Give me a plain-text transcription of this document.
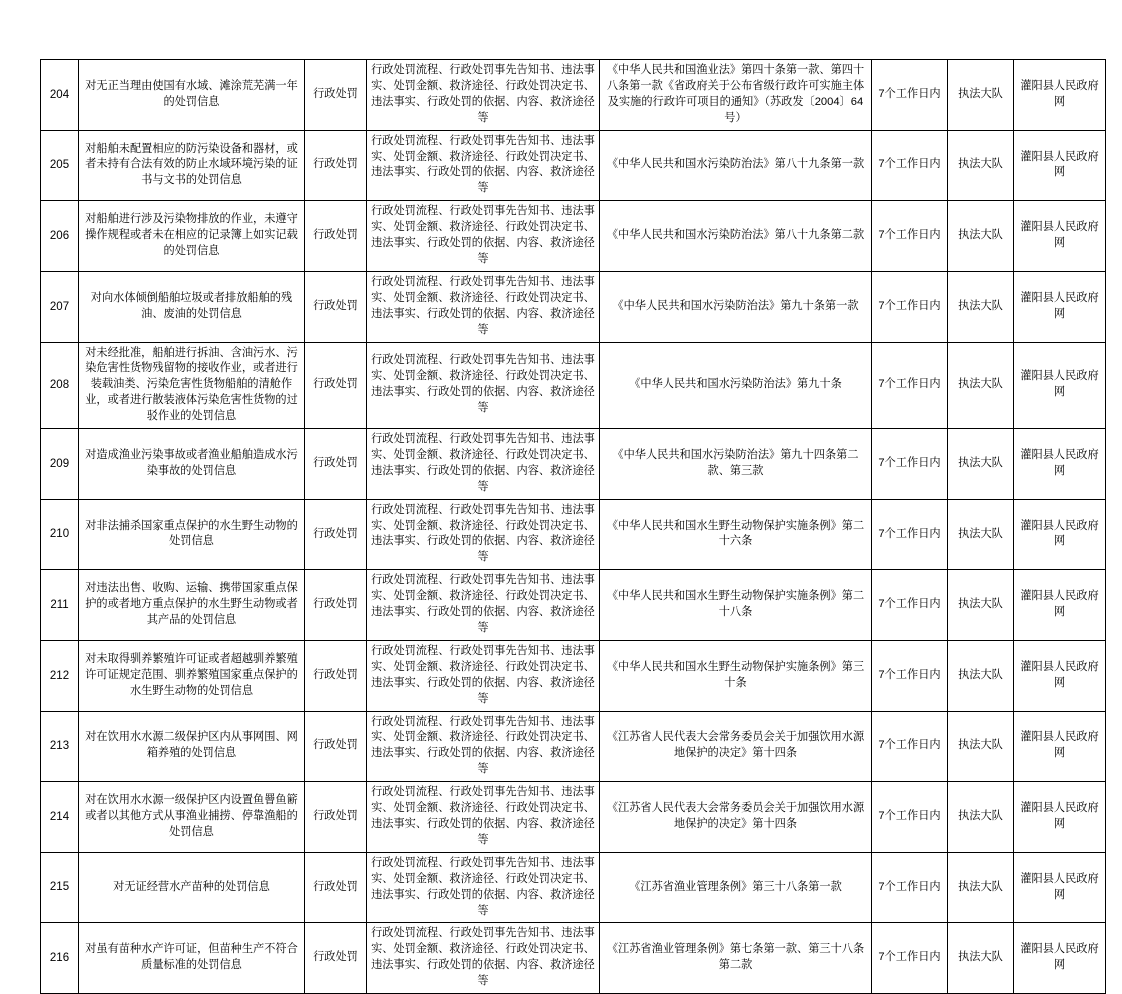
204	对无正当理由使国有水域、滩涂荒芜满一年的处罚信息	行政处罚	行政处罚流程、行政处罚事先告知书、违法事实、处罚金额、救济途径、行政处罚决定书、违法事实、行政处罚的依据、内容、救济途径等	《中华人民共和国渔业法》第四十条第一款、第四十八条第一款《省政府关于公布省级行政许可实施主体及实施的行政许可项目的通知》（苏政发〔2004〕64号）	7个工作日内	执法大队	灌阳县人民政府网
205	对船舶未配置相应的防污染设备和器材，或者未持有合法有效的防止水域环境污染的证书与文书的处罚信息	行政处罚	行政处罚流程、行政处罚事先告知书、违法事实、处罚金额、救济途径、行政处罚决定书、违法事实、行政处罚的依据、内容、救济途径等	《中华人民共和国水污染防治法》第八十九条第一款	7个工作日内	执法大队	灌阳县人民政府网
206	对船舶进行涉及污染物排放的作业，未遵守操作规程或者未在相应的记录簿上如实记载的处罚信息	行政处罚	行政处罚流程、行政处罚事先告知书、违法事实、处罚金额、救济途径、行政处罚决定书、违法事实、行政处罚的依据、内容、救济途径等	《中华人民共和国水污染防治法》第八十九条第二款	7个工作日内	执法大队	灌阳县人民政府网
207	对向水体倾倒船舶垃圾或者排放船舶的残油、废油的处罚信息	行政处罚	行政处罚流程、行政处罚事先告知书、违法事实、处罚金额、救济途径、行政处罚决定书、违法事实、行政处罚的依据、内容、救济途径等	《中华人民共和国水污染防治法》第九十条第一款	7个工作日内	执法大队	灌阳县人民政府网
208	对未经批准，船舶进行拆油、含油污水、污染危害性货物残留物的接收作业，或者进行装载油类、污染危害性货物船舶的清舱作业，或者进行散装液体污染危害性货物的过驳作业的处罚信息	行政处罚	行政处罚流程、行政处罚事先告知书、违法事实、处罚金额、救济途径、行政处罚决定书、违法事实、行政处罚的依据、内容、救济途径等	《中华人民共和国水污染防治法》第九十条	7个工作日内	执法大队	灌阳县人民政府网
209	对造成渔业污染事故或者渔业船舶造成水污染事故的处罚信息	行政处罚	行政处罚流程、行政处罚事先告知书、违法事实、处罚金额、救济途径、行政处罚决定书、违法事实、行政处罚的依据、内容、救济途径等	《中华人民共和国水污染防治法》第九十四条第二款、第三款	7个工作日内	执法大队	灌阳县人民政府网
210	对非法捕杀国家重点保护的水生野生动物的处罚信息	行政处罚	行政处罚流程、行政处罚事先告知书、违法事实、处罚金额、救济途径、行政处罚决定书、违法事实、行政处罚的依据、内容、救济途径等	《中华人民共和国水生野生动物保护实施条例》第二十六条	7个工作日内	执法大队	灌阳县人民政府网
211	对违法出售、收购、运输、携带国家重点保护的或者地方重点保护的水生野生动物或者其产品的处罚信息	行政处罚	行政处罚流程、行政处罚事先告知书、违法事实、处罚金额、救济途径、行政处罚决定书、违法事实、行政处罚的依据、内容、救济途径等	《中华人民共和国水生野生动物保护实施条例》第二十八条	7个工作日内	执法大队	灌阳县人民政府网
212	对未取得驯养繁殖许可证或者超越驯养繁殖许可证规定范围、驯养繁殖国家重点保护的水生野生动物的处罚信息	行政处罚	行政处罚流程、行政处罚事先告知书、违法事实、处罚金额、救济途径、行政处罚决定书、违法事实、行政处罚的依据、内容、救济途径等	《中华人民共和国水生野生动物保护实施条例》第三十条	7个工作日内	执法大队	灌阳县人民政府网
213	对在饮用水水源二级保护区内从事网围、网箱养殖的处罚信息	行政处罚	行政处罚流程、行政处罚事先告知书、违法事实、处罚金额、救济途径、行政处罚决定书、违法事实、行政处罚的依据、内容、救济途径等	《江苏省人民代表大会常务委员会关于加强饮用水源地保护的决定》第十四条	7个工作日内	执法大队	灌阳县人民政府网
214	对在饮用水水源一级保护区内设置鱼罾鱼簖或者以其他方式从事渔业捕捞、停靠渔船的处罚信息	行政处罚	行政处罚流程、行政处罚事先告知书、违法事实、处罚金额、救济途径、行政处罚决定书、违法事实、行政处罚的依据、内容、救济途径等	《江苏省人民代表大会常务委员会关于加强饮用水源地保护的决定》第十四条	7个工作日内	执法大队	灌阳县人民政府网
215	对无证经营水产苗种的处罚信息	行政处罚	行政处罚流程、行政处罚事先告知书、违法事实、处罚金额、救济途径、行政处罚决定书、违法事实、行政处罚的依据、内容、救济途径等	《江苏省渔业管理条例》第三十八条第一款	7个工作日内	执法大队	灌阳县人民政府网
216	对虽有苗种水产许可证，但苗种生产不符合质量标准的处罚信息	行政处罚	行政处罚流程、行政处罚事先告知书、违法事实、处罚金额、救济途径、行政处罚决定书、违法事实、行政处罚的依据、内容、救济途径等	《江苏省渔业管理条例》第七条第一款、第三十八条第二款	7个工作日内	执法大队	灌阳县人民政府网
